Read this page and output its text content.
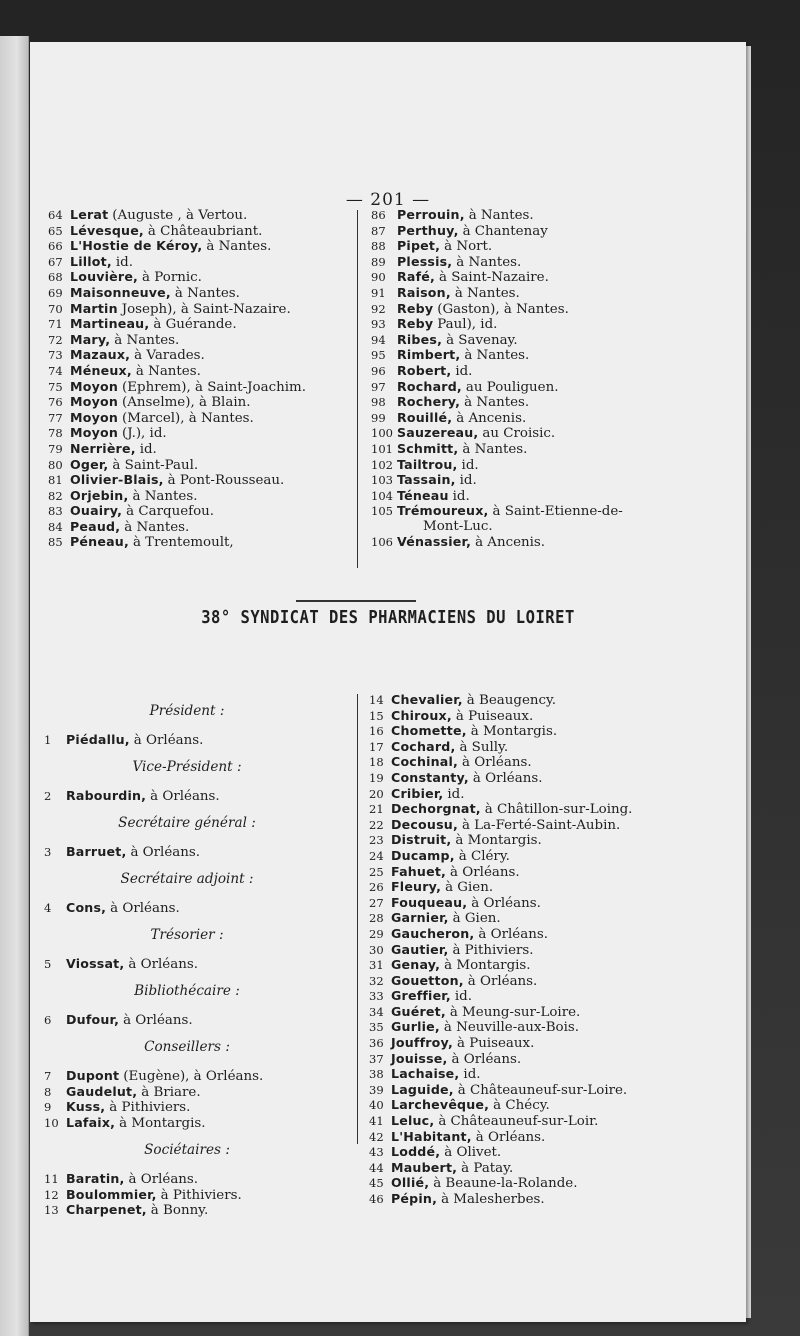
— 201 —
64 Lerat (Auguste , à Vertou.
65 Lévesque, à Châteaubriant.
66 L'Hostie de Kéroy, à Nantes.
67 Lillot, id.
68 Louvière, à Pornic.
69 Maisonneuve, à Nantes.
70 Martin Joseph), à Saint-Nazaire.
71 Martineau, à Guérande.
72 Mary, à Nantes.
73 Mazaux, à Varades.
74 Méneux, à Nantes.
75 Moyon (Ephrem), à Saint-Joachim.
76 Moyon (Anselme), à Blain.
77 Moyon (Marcel), à Nantes.
78 Moyon (J.), id.
79 Nerrière, id.
80 Oger, à Saint-Paul.
81 Olivier-Blais, à Pont-Rousseau.
82 Orjebin, à Nantes.
83 Ouairy, à Carquefou.
84 Peaud, à Nantes.
85 Péneau, à Trentemoult,
86 Perrouin, à Nantes.
87 Perthuy, à Chantenay
88 Pipet, à Nort.
89 Plessis, à Nantes.
90 Rafé, à Saint-Nazaire.
91 Raison, à Nantes.
92 Reby (Gaston), à Nantes.
93 Reby Paul), id.
94 Ribes, à Savenay.
95 Rimbert, à Nantes.
96 Robert, id.
97 Rochard, au Pouliguen.
98 Rochery, à Nantes.
99 Rouillé, à Ancenis.
100 Sauzereau, au Croisic.
101 Schmitt, à Nantes.
102 Tailtrou, id.
103 Tassain, id.
104 Téneau id.
105 Trémoureux, à Saint-Etienne-de-
Mont-Luc.
106 Vénassier, à Ancenis.
38° SYNDICAT DES PHARMACIENS DU LOIRET
Président :
1 Piédallu, à Orléans.
Vice-Président :
2 Rabourdin, à Orléans.
Secrétaire général :
3 Barruet, à Orléans.
Secrétaire adjoint :
4 Cons, à Orléans.
Trésorier :
5 Viossat, à Orléans.
Bibliothécaire :
6 Dufour, à Orléans.
Conseillers :
7 Dupont (Eugène), à Orléans.
8 Gaudelut, à Briare.
9 Kuss, à Pithiviers.
10 Lafaix, à Montargis.
Sociétaires :
11 Baratin, à Orléans.
12 Boulommier, à Pithiviers.
13 Charpenet, à Bonny.
14 Chevalier, à Beaugency.
15 Chiroux, à Puiseaux.
16 Chomette, à Montargis.
17 Cochard, à Sully.
18 Cochinal, à Orléans.
19 Constanty, à Orléans.
20 Cribier, id.
21 Dechorgnat, à Châtillon-sur-Loing.
22 Decousu, à La-Ferté-Saint-Aubin.
23 Distruit, à Montargis.
24 Ducamp, à Cléry.
25 Fahuet, à Orléans.
26 Fleury, à Gien.
27 Fouqueau, à Orléans.
28 Garnier, à Gien.
29 Gaucheron, à Orléans.
30 Gautier, à Pithiviers.
31 Genay, à Montargis.
32 Gouetton, à Orléans.
33 Greffier, id.
34 Guéret, à Meung-sur-Loire.
35 Gurlie, à Neuville-aux-Bois.
36 Jouffroy, à Puiseaux.
37 Jouisse, à Orléans.
38 Lachaise, id.
39 Laguide, à Châteauneuf-sur-Loire.
40 Larchevêque, à Chécy.
41 Leluc, à Châteauneuf-sur-Loir.
42 L'Habitant, à Orléans.
43 Loddé, à Olivet.
44 Maubert, à Patay.
45 Ollié, à Beaune-la-Rolande.
46 Pépin, à Malesherbes.
